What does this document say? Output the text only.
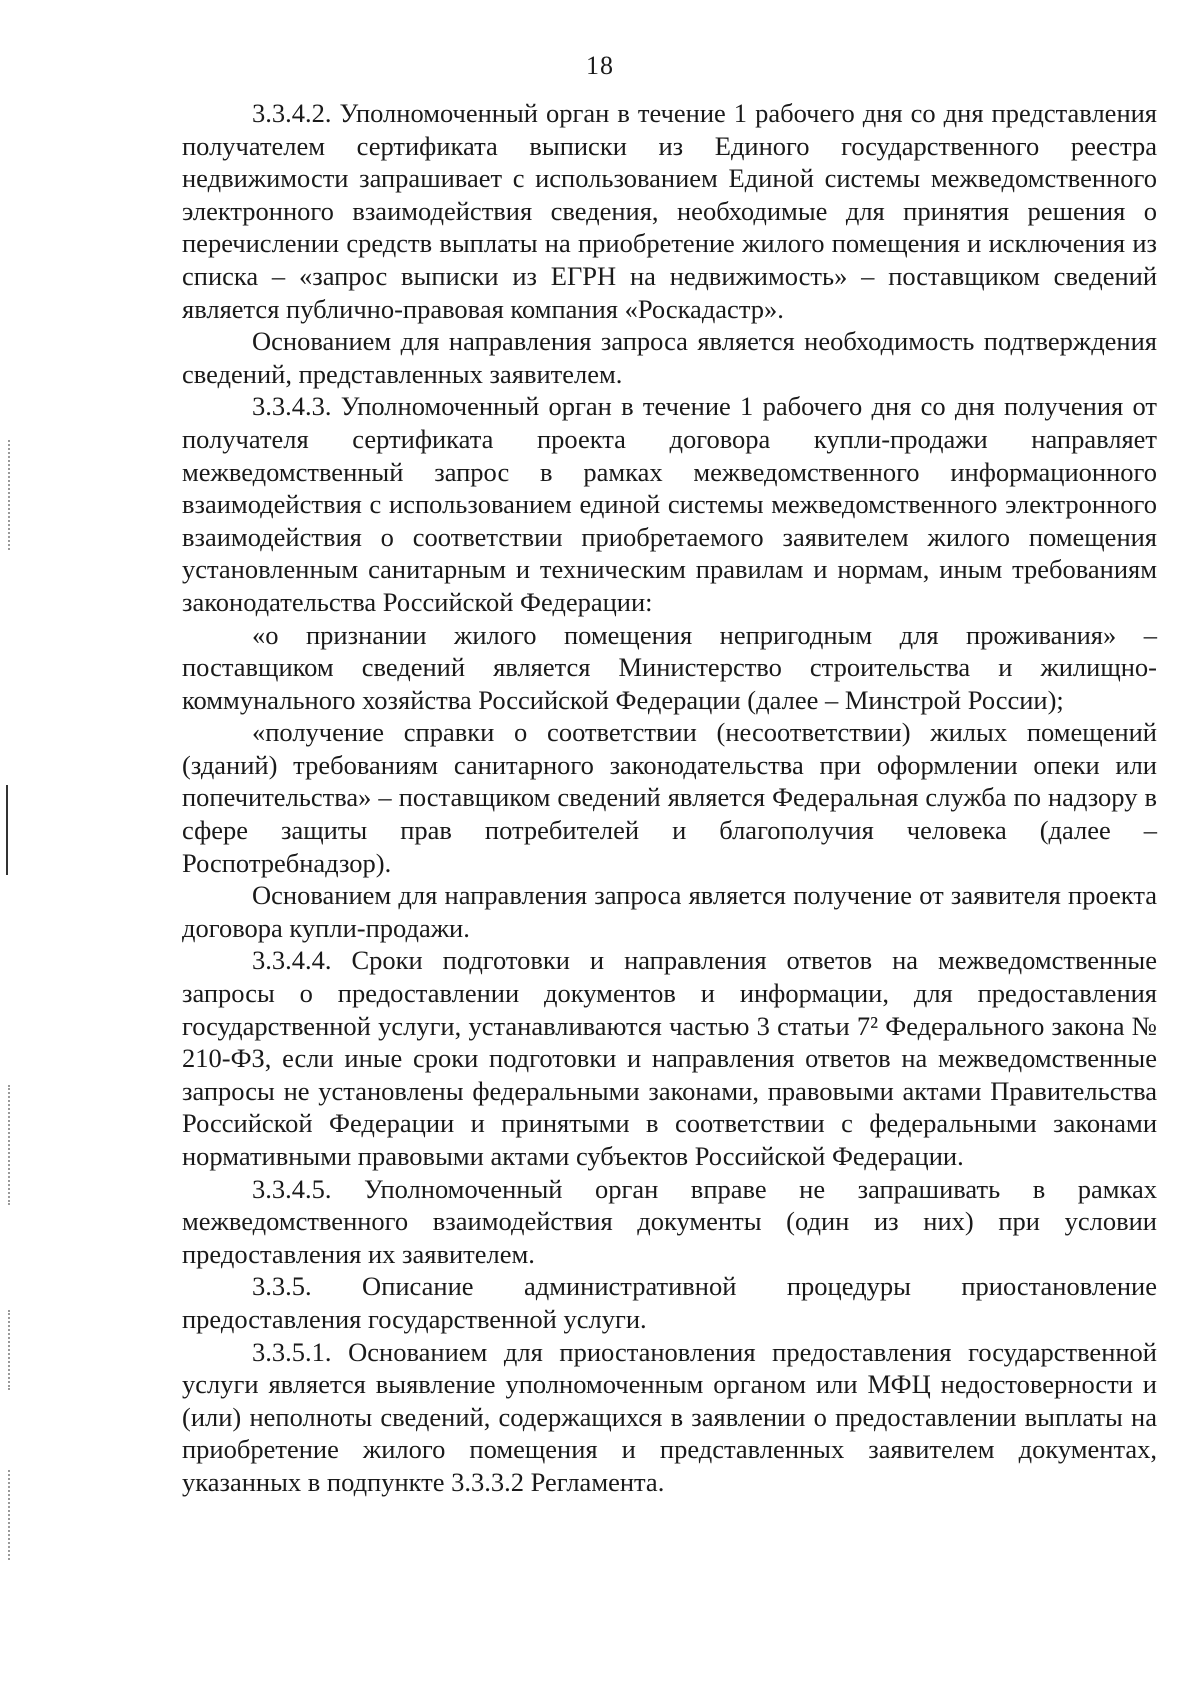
18

3.3.4.2. Уполномоченный орган в течение 1 рабочего дня со дня представления получателем сертификата выписки из Единого государственного реестра недвижимости запрашивает с использованием Единой системы межведомственного электронного взаимодействия сведения, необходимые для принятия решения о перечислении средств выплаты на приобретение жилого помещения и исключения из списка – «запрос выписки из ЕГРН на недвижимость» – поставщиком сведений является публично-правовая компания «Роскадастр».

Основанием для направления запроса является необходимость подтверждения сведений, представленных заявителем.

3.3.4.3. Уполномоченный орган в течение 1 рабочего дня со дня получения от получателя сертификата проекта договора купли-продажи направляет межведомственный запрос в рамках межведомственного информационного взаимодействия с использованием единой системы межведомственного электронного взаимодействия о соответствии приобретаемого заявителем жилого помещения установленным санитарным и техническим правилам и нормам, иным требованиям законодательства Российской Федерации:

«о признании жилого помещения непригодным для проживания» – поставщиком сведений является Министерство строительства и жилищно-коммунального хозяйства Российской Федерации (далее – Минстрой России);

«получение справки о соответствии (несоответствии) жилых помещений (зданий) требованиям санитарного законодательства при оформлении опеки или попечительства» – поставщиком сведений является Федеральная служба по надзору в сфере защиты прав потребителей и благополучия человека (далее – Роспотребнадзор).

Основанием для направления запроса является получение от заявителя проекта договора купли-продажи.

3.3.4.4. Сроки подготовки и направления ответов на межведомственные запросы о предоставлении документов и информации, для предоставления государственной услуги, устанавливаются частью 3 статьи 7² Федерального закона № 210-ФЗ, если иные сроки подготовки и направления ответов на межведомственные запросы не установлены федеральными законами, правовыми актами Правительства Российской Федерации и принятыми в соответствии с федеральными законами нормативными правовыми актами субъектов Российской Федерации.

3.3.4.5. Уполномоченный орган вправе не запрашивать в рамках межведомственного взаимодействия документы (один из них) при условии предоставления их заявителем.

3.3.5. Описание административной процедуры приостановление предоставления государственной услуги.

3.3.5.1. Основанием для приостановления предоставления государственной услуги является выявление уполномоченным органом или МФЦ недостоверности и (или) неполноты сведений, содержащихся в заявлении о предоставлении выплаты на приобретение жилого помещения и представленных заявителем документах, указанных в подпункте 3.3.3.2 Регламента.
